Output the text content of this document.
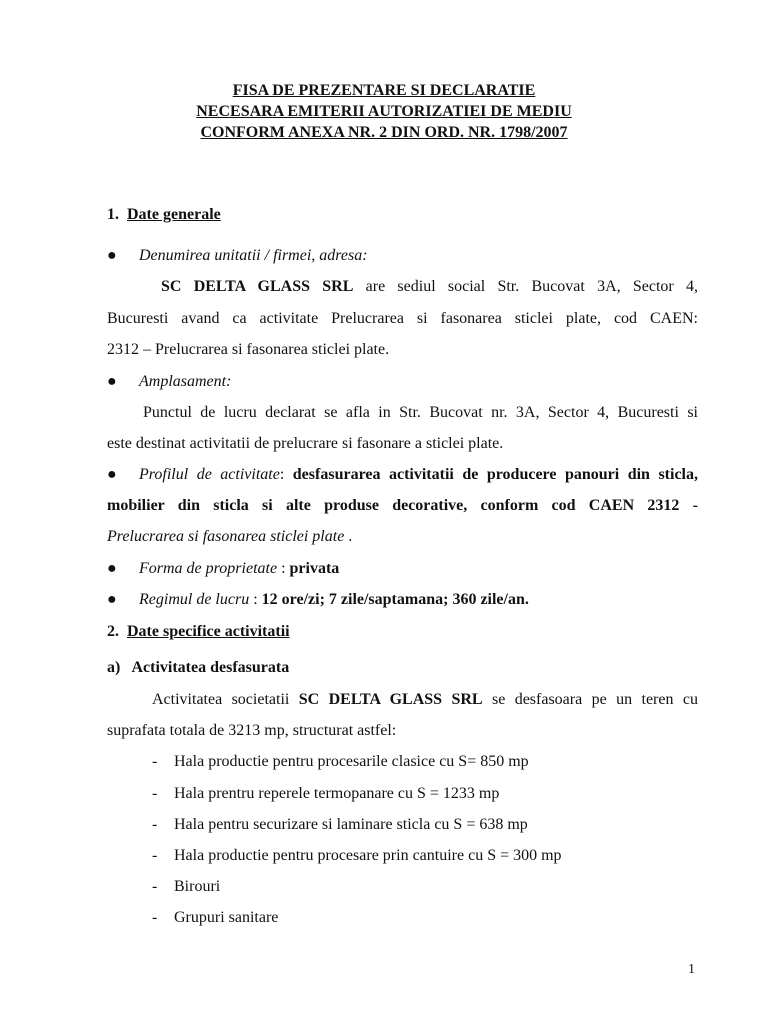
FISA DE PREZENTARE SI DECLARATIE
NECESARA EMITERII AUTORIZATIEI DE MEDIU
CONFORM ANEXA NR. 2 DIN ORD. NR. 1798/2007
1. Date generale
● Denumirea unitatii / firmei, adresa:
SC DELTA GLASS SRL are sediul social Str. Bucovat 3A, Sector 4,
Bucuresti avand ca activitate Prelucrarea si fasonarea sticlei plate, cod CAEN:
2312 – Prelucrarea si fasonarea sticlei plate.
● Amplasament:
Punctul de lucru declarat se afla in Str. Bucovat nr. 3A, Sector 4, Bucuresti si
este destinat activitatii de prelucrare si fasonare a sticlei plate.
● Profilul de activitate: desfasurarea activitatii de producere panouri din sticla,
mobilier din sticla si alte produse decorative, conform cod CAEN 2312 -
Prelucrarea si fasonarea sticlei plate .
● Forma de proprietate : privata
● Regimul de lucru : 12 ore/zi; 7 zile/saptamana; 360 zile/an.
2. Date specifice activitatii
a) Activitatea desfasurata
Activitatea societatii SC DELTA GLASS SRL se desfasoara pe un teren cu
suprafata totala de 3213 mp, structurat astfel:
- Hala productie pentru procesarile clasice cu S= 850 mp
- Hala prentru reperele termopanare cu S = 1233 mp
- Hala pentru securizare si laminare sticla cu S = 638 mp
- Hala productie pentru procesare prin cantuire cu S = 300 mp
- Birouri
- Grupuri sanitare
1
